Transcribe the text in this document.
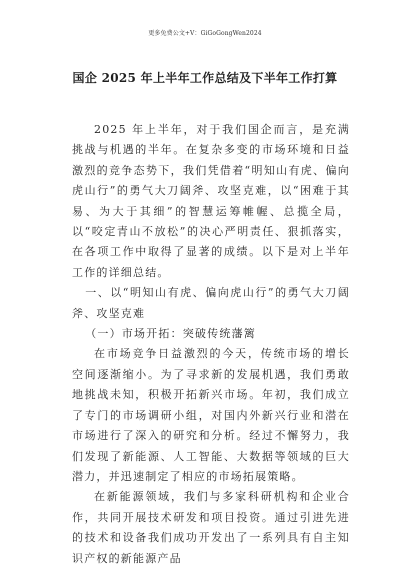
更多免费公文+V：GiGoGongWen2024
国企 2025 年上半年工作总结及下半年工作打算

2025 年上半年，对于我们国企而言，是充满挑战与机遇的半年。在复杂多变的市场环境和日益激烈的竞争态势下，我们凭借着“明知山有虎、偏向虎山行”的勇气大刀阔斧、攻坚克难，以“困难于其易、为大于其细”的智慧运筹帷幄、总揽全局，以“咬定青山不放松”的决心严明责任、狠抓落实，在各项工作中取得了显著的成绩。以下是对上半年工作的详细总结。

一、以“明知山有虎、偏向虎山行”的勇气大刀阔斧、攻坚克难

（一）市场开拓：突破传统藩篱

在市场竞争日益激烈的今天，传统市场的增长空间逐渐缩小。为了寻求新的发展机遇，我们勇敢地挑战未知，积极开拓新兴市场。年初，我们成立了专门的市场调研小组，对国内外新兴行业和潜在市场进行了深入的研究和分析。经过不懈努力，我们发现了新能源、人工智能、大数据等领域的巨大潜力，并迅速制定了相应的市场拓展策略。

在新能源领域，我们与多家科研机构和企业合作，共同开展技术研发和项目投资。通过引进先进的技术和设备我们成功开发出了一系列具有自主知识产权的新能源产品
